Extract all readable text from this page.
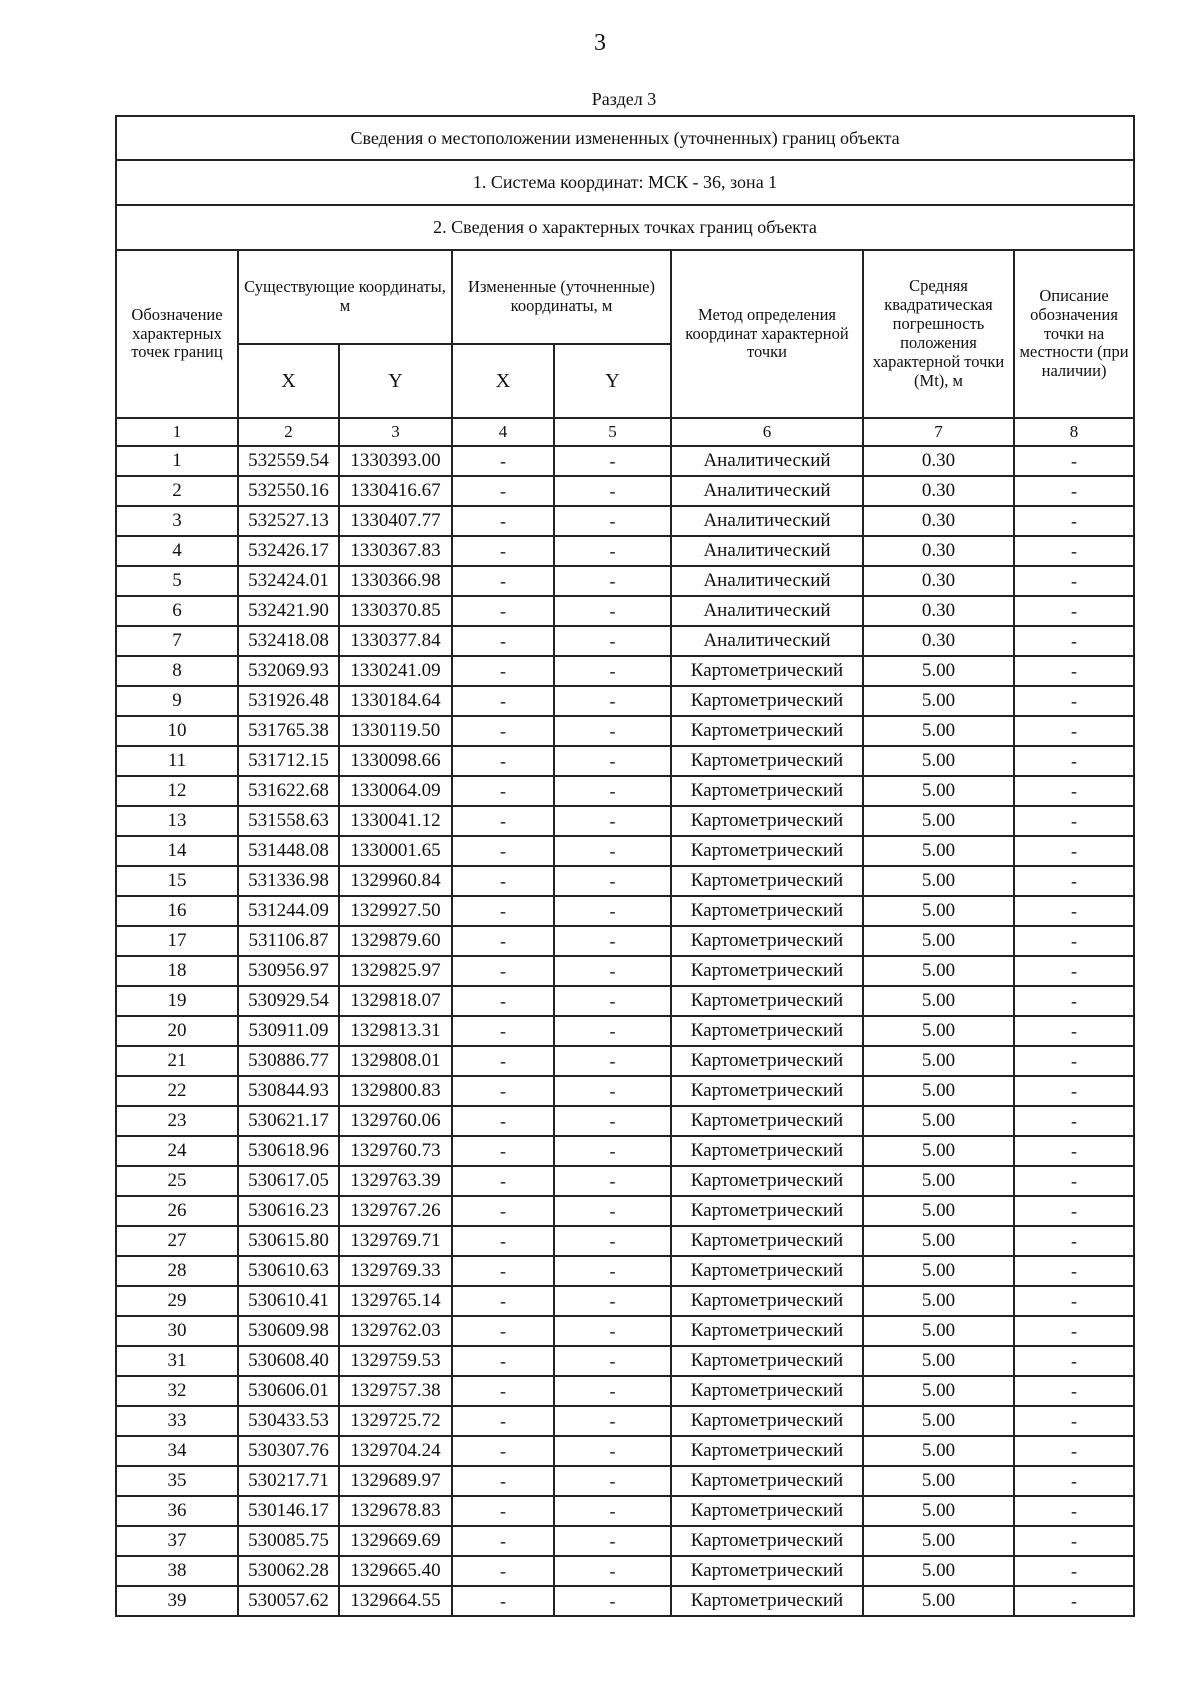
3
Раздел 3
Сведения о местоположении измененных (уточненных) границ объекта							
1. Система координат: МСК - 36, зона 1							
2. Сведения о характерных точках границ объекта							
Обозначение характерных точек границ	Существующие координаты, м		Измененные (уточненные) координаты, м		Метод определения координат характерной точки	Средняя квадратическая погрешность положения характерной точки (Mt), м	Описание обозначения точки на местности (при наличии)
	X	Y	X	Y			
1	2	3	4	5	6	7	8
1	532559.54	1330393.00	-	-	Аналитический	0.30	-
2	532550.16	1330416.67	-	-	Аналитический	0.30	-
3	532527.13	1330407.77	-	-	Аналитический	0.30	-
4	532426.17	1330367.83	-	-	Аналитический	0.30	-
5	532424.01	1330366.98	-	-	Аналитический	0.30	-
6	532421.90	1330370.85	-	-	Аналитический	0.30	-
7	532418.08	1330377.84	-	-	Аналитический	0.30	-
8	532069.93	1330241.09	-	-	Картометрический	5.00	-
9	531926.48	1330184.64	-	-	Картометрический	5.00	-
10	531765.38	1330119.50	-	-	Картометрический	5.00	-
11	531712.15	1330098.66	-	-	Картометрический	5.00	-
12	531622.68	1330064.09	-	-	Картометрический	5.00	-
13	531558.63	1330041.12	-	-	Картометрический	5.00	-
14	531448.08	1330001.65	-	-	Картометрический	5.00	-
15	531336.98	1329960.84	-	-	Картометрический	5.00	-
16	531244.09	1329927.50	-	-	Картометрический	5.00	-
17	531106.87	1329879.60	-	-	Картометрический	5.00	-
18	530956.97	1329825.97	-	-	Картометрический	5.00	-
19	530929.54	1329818.07	-	-	Картометрический	5.00	-
20	530911.09	1329813.31	-	-	Картометрический	5.00	-
21	530886.77	1329808.01	-	-	Картометрический	5.00	-
22	530844.93	1329800.83	-	-	Картометрический	5.00	-
23	530621.17	1329760.06	-	-	Картометрический	5.00	-
24	530618.96	1329760.73	-	-	Картометрический	5.00	-
25	530617.05	1329763.39	-	-	Картометрический	5.00	-
26	530616.23	1329767.26	-	-	Картометрический	5.00	-
27	530615.80	1329769.71	-	-	Картометрический	5.00	-
28	530610.63	1329769.33	-	-	Картометрический	5.00	-
29	530610.41	1329765.14	-	-	Картометрический	5.00	-
30	530609.98	1329762.03	-	-	Картометрический	5.00	-
31	530608.40	1329759.53	-	-	Картометрический	5.00	-
32	530606.01	1329757.38	-	-	Картометрический	5.00	-
33	530433.53	1329725.72	-	-	Картометрический	5.00	-
34	530307.76	1329704.24	-	-	Картометрический	5.00	-
35	530217.71	1329689.97	-	-	Картометрический	5.00	-
36	530146.17	1329678.83	-	-	Картометрический	5.00	-
37	530085.75	1329669.69	-	-	Картометрический	5.00	-
38	530062.28	1329665.40	-	-	Картометрический	5.00	-
39	530057.62	1329664.55	-	-	Картометрический	5.00	-
